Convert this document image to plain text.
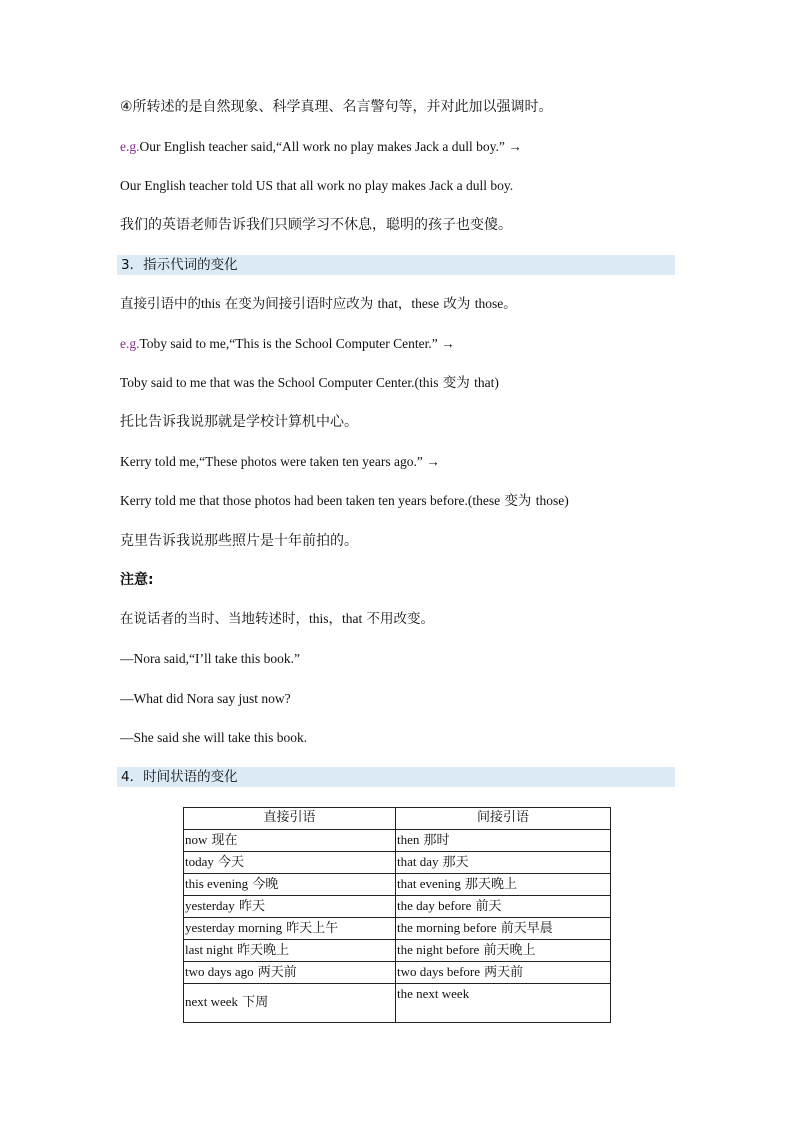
④所转述的是自然现象、科学真理、名言警句等，并对此加以强调时。
e.g.Our English teacher said,“All work no play makes Jack a dull boy.” →
Our English teacher told US that all work no play makes Jack a dull boy.
我们的英语老师告诉我们只顾学习不休息，聪明的孩子也变傻。
3．指示代词的变化
直接引语中的this 在变为间接引语时应改为 that，these 改为 those。
e.g.Toby said to me,“This is the School Computer Center.” →
Toby said to me that was the School Computer Center.(this 变为 that)
托比告诉我说那就是学校计算机中心。
Kerry told me,“These photos were taken ten years ago.” →
Kerry told me that those photos had been taken ten years before.(these 变为 those)
克里告诉我说那些照片是十年前拍的。
注意:
在说话者的当时、当地转述时，this，that 不用改变。
—Nora said,“I’ll take this book.”
—What did Nora say just now?
—She said she will take this book.
4．时间状语的变化
直接引语	间接引语
now 现在	then 那时
today 今天	that day 那天
this evening 今晚	that evening 那天晚上
yesterday 昨天	the day before 前天
yesterday morning 昨天上午	the morning before 前天早晨
last night 昨天晚上	the night before 前天晚上
two days ago 两天前	two days before 两天前
next week 下周	the next week
